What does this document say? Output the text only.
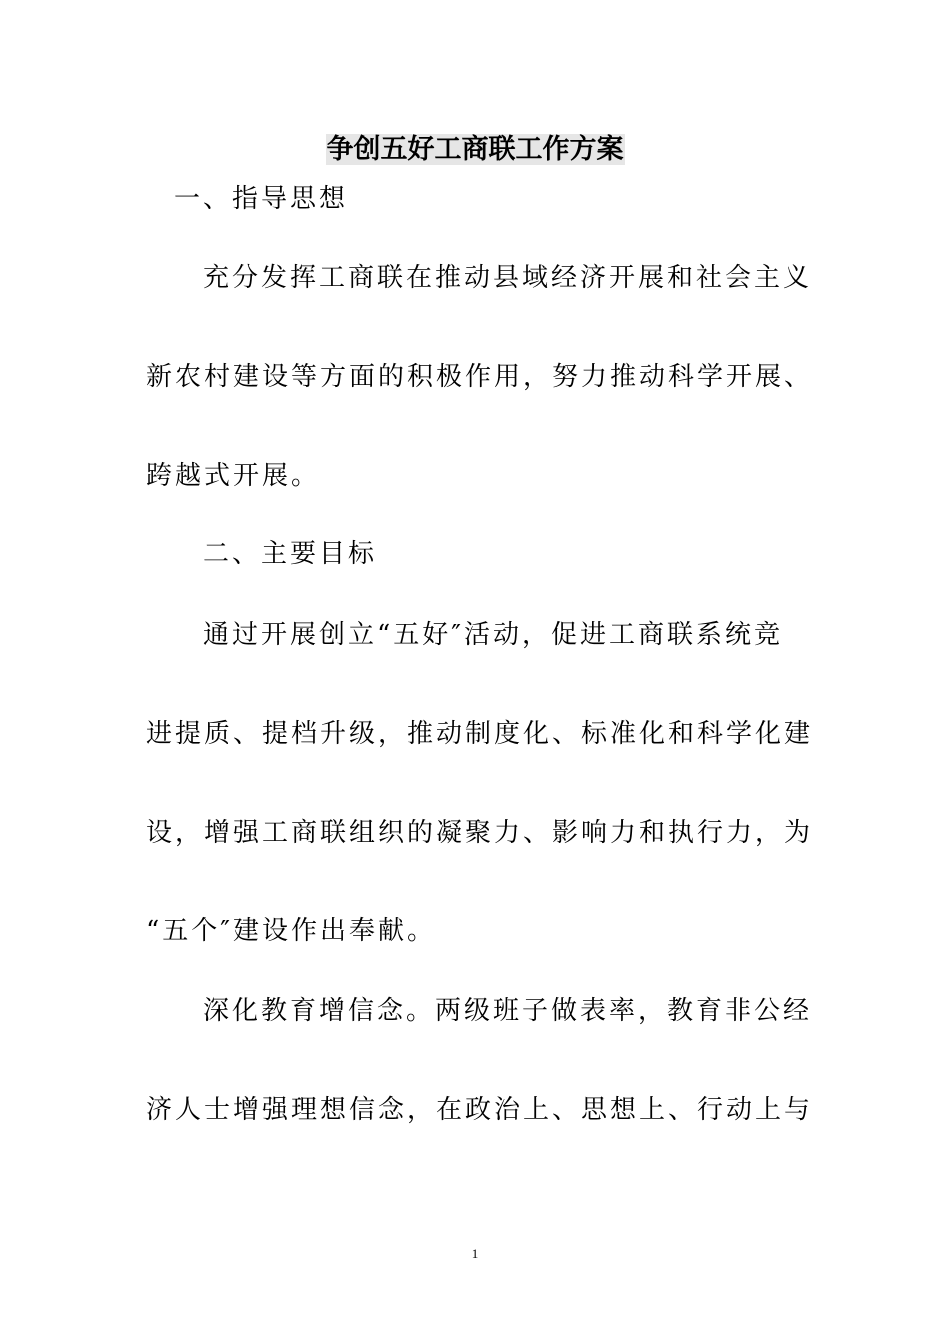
争创五好工商联工作方案
一、指导思想
充分发挥工商联在推动县域经济开展和社会主义
新农村建设等方面的积极作用，努力推动科学开展、
跨越式开展。
二、主要目标
通过开展创立“五好″活动，促进工商联系统竞
进提质、提档升级，推动制度化、标准化和科学化建
设，增强工商联组织的凝聚力、影响力和执行力，为
“五个″建设作出奉献。
深化教育增信念。两级班子做表率，教育非公经
济人士增强理想信念，在政治上、思想上、行动上与
1
